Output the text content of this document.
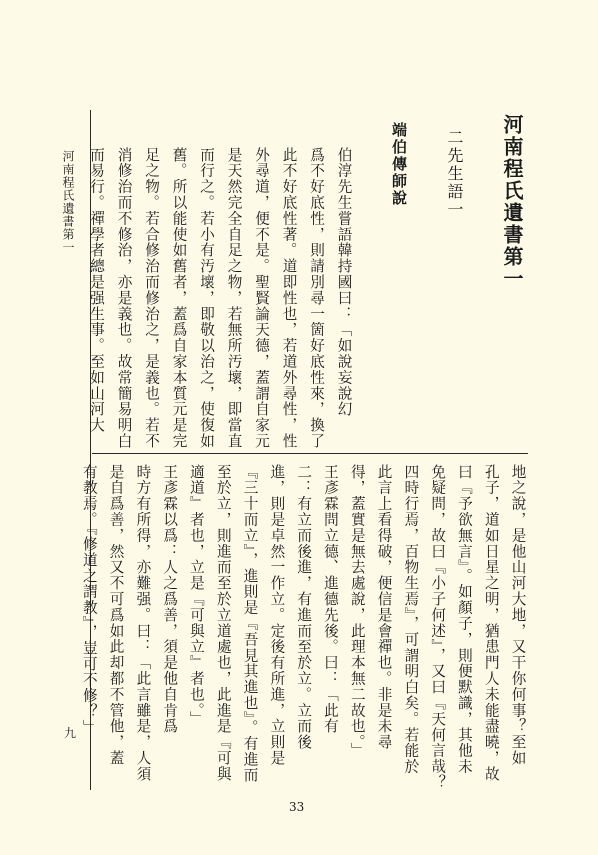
河南程氏遺書第一
二先生語一
端伯傳師說
伯淳先生嘗語韓持國曰：「如說妄說幻
爲不好底性，則請別尋一箇好底性來，換了
此不好底性著。道即性也，若道外尋性，性
外尋道，便不是。聖賢論天德，蓋謂自家元
是天然完全自足之物，若無所汚壞，即當直
而行之。若小有汚壞，即敬以治之，使復如
舊。所以能使如舊者，蓋爲自家本質元是完
足之物。若合修治而修治之，是義也。若不
消修治而不修治，亦是義也。故常簡易明白
而易行。禪學者總是强生事。至如山河大
地之說，是他山河大地，又干你何事？至如
孔子，道如日星之明，猶患門人未能盡曉，故
曰『予欲無言』。如顏子，則便默識，其他未
免疑問，故曰『小子何述』，又曰『天何言哉？
四時行焉，百物生焉』，可謂明白矣。若能於
此言上看得破，便信是會禪也。非是未尋
得，蓋實是無去處說，此理本無二故也。」
王彥霖問立德、進德先後。曰：「此有
二：有立而後進，有進而至於立。立而後
進，則是卓然一作立。定後有所進，立則是
『三十而立』，進則是『吾見其進也』。有進而
至於立，則進而至於立道處也，此進是『可與
適道』者也，立是『可與立』者也。」
王彥霖以爲：人之爲善，須是他自肯爲
時方有所得，亦難强。曰：「此言雖是，人須
是自爲善，然又不可爲如此却都不管他，蓋
有教焉。『修道之謂教』，豈可不修？」
河南程氏遺書第一
九
33
